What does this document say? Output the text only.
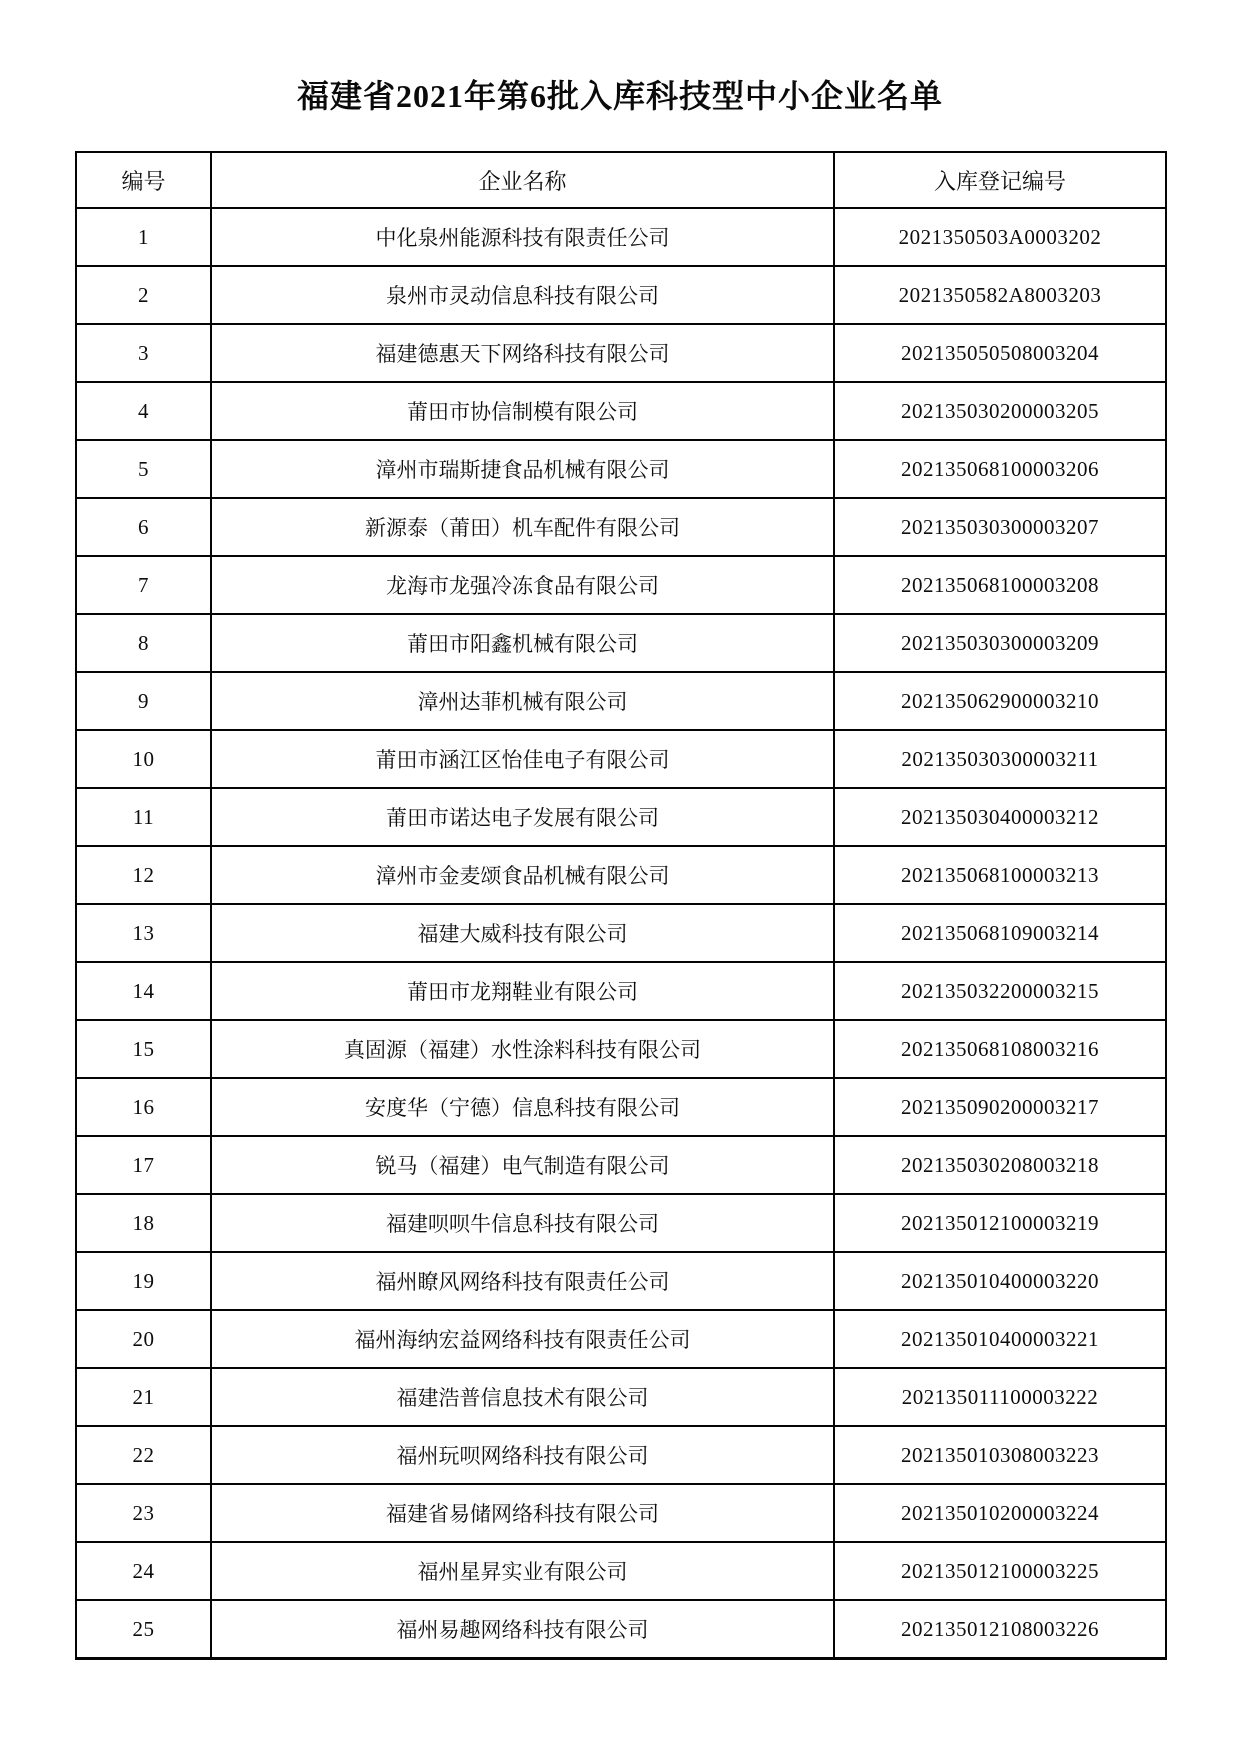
福建省2021年第6批入库科技型中小企业名单
编号	企业名称	入库登记编号
1	中化泉州能源科技有限责任公司	2021350503A0003202
2	泉州市灵动信息科技有限公司	2021350582A8003203
3	福建德惠天下网络科技有限公司	202135050508003204
4	莆田市协信制模有限公司	202135030200003205
5	漳州市瑞斯捷食品机械有限公司	202135068100003206
6	新源泰（莆田）机车配件有限公司	202135030300003207
7	龙海市龙强冷冻食品有限公司	202135068100003208
8	莆田市阳鑫机械有限公司	202135030300003209
9	漳州达菲机械有限公司	202135062900003210
10	莆田市涵江区怡佳电子有限公司	202135030300003211
11	莆田市诺达电子发展有限公司	202135030400003212
12	漳州市金麦颂食品机械有限公司	202135068100003213
13	福建大威科技有限公司	202135068109003214
14	莆田市龙翔鞋业有限公司	202135032200003215
15	真固源（福建）水性涂料科技有限公司	202135068108003216
16	安度华（宁德）信息科技有限公司	202135090200003217
17	锐马（福建）电气制造有限公司	202135030208003218
18	福建呗呗牛信息科技有限公司	202135012100003219
19	福州瞭风网络科技有限责任公司	202135010400003220
20	福州海纳宏益网络科技有限责任公司	202135010400003221
21	福建浩普信息技术有限公司	202135011100003222
22	福州玩呗网络科技有限公司	202135010308003223
23	福建省易储网络科技有限公司	202135010200003224
24	福州星昇实业有限公司	202135012100003225
25	福州易趣网络科技有限公司	202135012108003226
